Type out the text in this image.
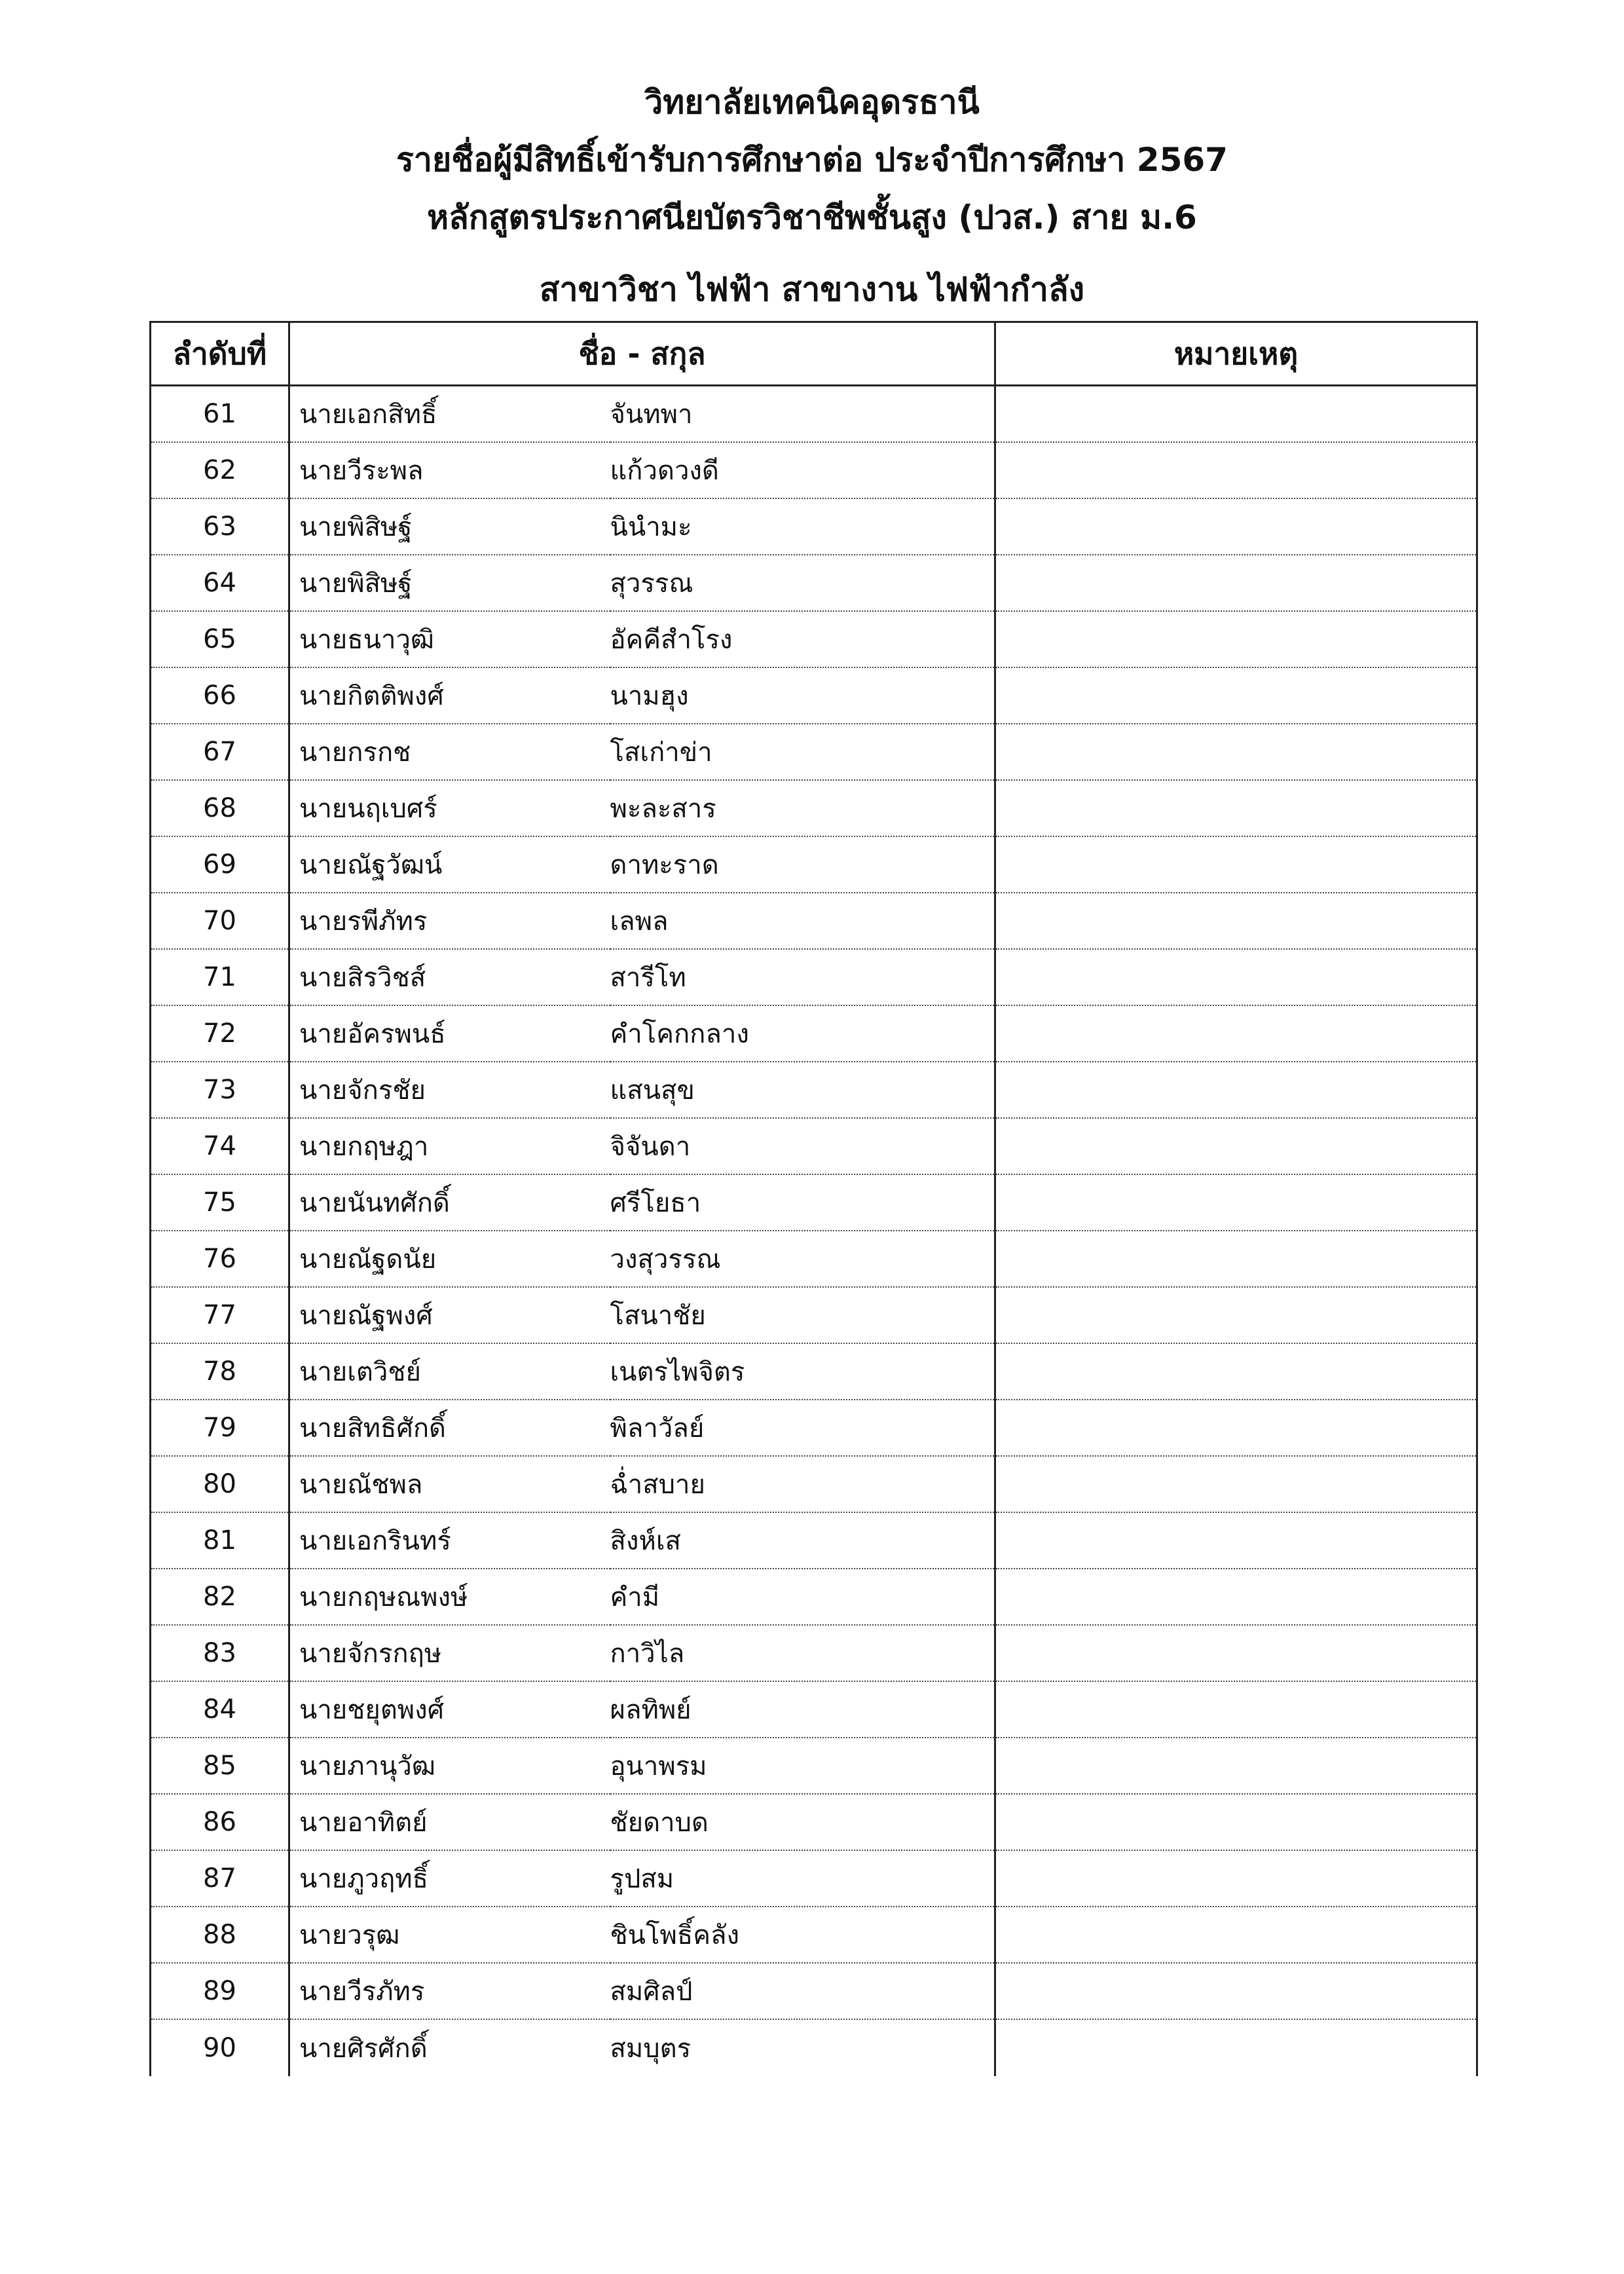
วิทยาลัยเทคนิคอุดรธานี
รายชื่อผู้มีสิทธิ์เข้ารับการศึกษาต่อ ประจำปีการศึกษา 2567
หลักสูตรประกาศนียบัตรวิชาชีพชั้นสูง (ปวส.) สาย ม.6
สาขาวิชา ไฟฟ้า สาขางาน ไฟฟ้ากำลัง
ลำดับที่	ชื่อ - สกุล		หมายเหตุ
61	นายเอกสิทธิ์	จันทพา	
62	นายวีระพล	แก้วดวงดี	
63	นายพิสิษฐ์	นินำมะ	
64	นายพิสิษฐ์	สุวรรณ	
65	นายธนาวุฒิ	อัคคีสำโรง	
66	นายกิตติพงศ์	นามฮุง	
67	นายกรกช	โสเก่าข่า	
68	นายนฤเบศร์	พะละสาร	
69	นายณัฐวัฒน์	ดาทะราด	
70	นายรพีภัทร	เลพล	
71	นายสิรวิชส์	สารีโท	
72	นายอัครพนธ์	คำโคกกลาง	
73	นายจักรชัย	แสนสุข	
74	นายกฤษฎา	จิจันดา	
75	นายนันทศักดิ์	ศรีโยธา	
76	นายณัฐดนัย	วงสุวรรณ	
77	นายณัฐพงศ์	โสนาชัย	
78	นายเตวิชย์	เนตรไพจิตร	
79	นายสิทธิศักดิ์	พิลาวัลย์	
80	นายณัชพล	ฉ่ำสบาย	
81	นายเอกรินทร์	สิงห์เส	
82	นายกฤษณพงษ์	คำมี	
83	นายจักรกฤษ	กาวิไล	
84	นายชยุตพงศ์	ผลทิพย์	
85	นายภานุวัฒ	อุนาพรม	
86	นายอาทิตย์	ชัยดาบด	
87	นายภูวฤทธิ์	รูปสม	
88	นายวรุฒ	ชินโพธิ์คลัง	
89	นายวีรภัทร	สมศิลป์	
90	นายศิรศักดิ์	สมบุตร	
